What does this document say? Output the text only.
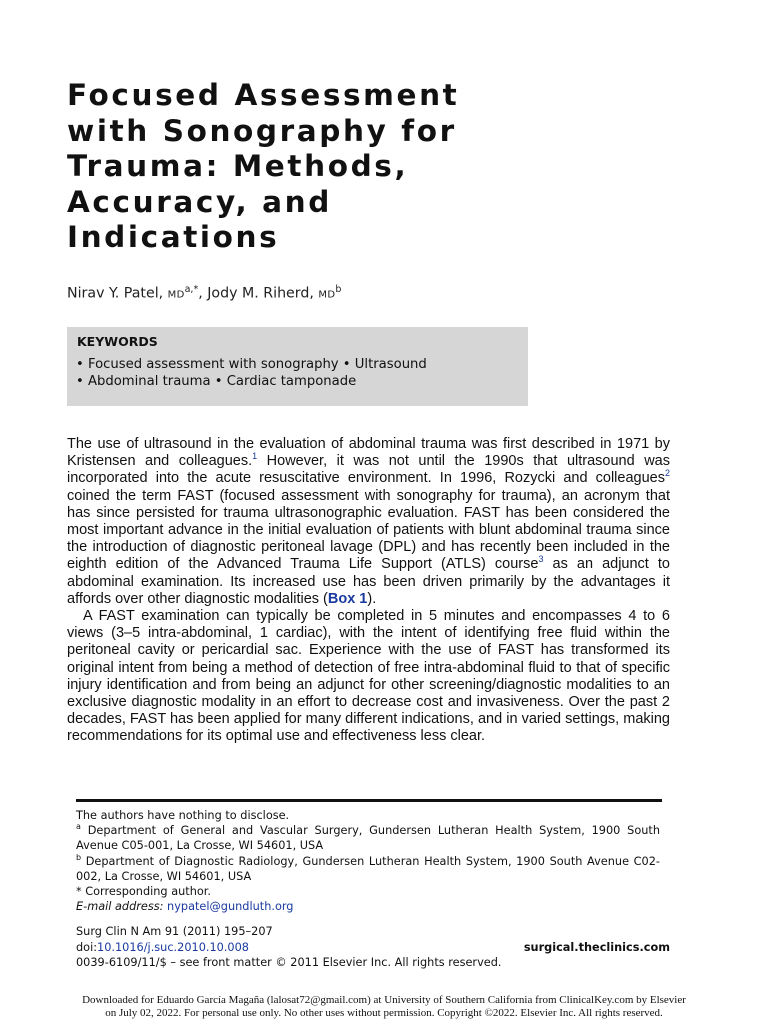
Focused Assessment
with Sonography for
Trauma: Methods,
Accuracy, and
Indications
Nirav Y. Patel, $MD^{a,*}$, Jody M. Riherd, $MD^b$
KEYWORDS
• Focused assessment with sonography • Ultrasound
• Abdominal trauma • Cardiac tamponade

The use of ultrasound in the evaluation of abdominal trauma was first described in 1971 by Kristensen and colleagues.$^1$ However, it was not until the 1990s that ultrasound was incorporated into the acute resuscitative environment. In 1996, Rozycki and colleagues$^2$ coined the term FAST (focused assessment with sonography for trauma), an acronym that has since persisted for trauma ultrasonographic evaluation. FAST has been considered the most important advance in the initial evaluation of patients with blunt abdominal trauma since the introduction of diagnostic peritoneal lavage (DPL) and has recently been included in the eighth edition of the Advanced Trauma Life Support (ATLS) course$^3$ as an adjunct to abdominal examination. Its increased use has been driven primarily by the advantages it affords over other diagnostic modalities (Box 1).

A FAST examination can typically be completed in 5 minutes and encompasses 4 to 6 views (3–5 intra-abdominal, 1 cardiac), with the intent of identifying free fluid within the peritoneal cavity or pericardial sac. Experience with the use of FAST has transformed its original intent from being a method of detection of free intra-abdominal fluid to that of specific injury identification and from being an adjunct for other screening/diagnostic modalities to an exclusive diagnostic modality in an effort to decrease cost and invasiveness. Over the past 2 decades, FAST has been applied for many different indications, and in varied settings, making recommendations for its optimal use and effectiveness less clear.

The authors have nothing to disclose.
$^a$ Department of General and Vascular Surgery, Gundersen Lutheran Health System, 1900 South Avenue C05-001, La Crosse, WI 54601, USA
$^b$ Department of Diagnostic Radiology, Gundersen Lutheran Health System, 1900 South Avenue C02-002, La Crosse, WI 54601, USA
* Corresponding author.
E-mail address: nypatel@gundluth.org
Surg Clin N Am 91 (2011) 195–207
doi:10.1016/j.suc.2010.10.008	surgical.theclinics.com
0039-6109/11/$ – see front matter © 2011 Elsevier Inc. All rights reserved.
Downloaded for Eduardo García Magaña (lalosat72@gmail.com) at University of Southern California from ClinicalKey.com by Elsevier
on July 02, 2022. For personal use only. No other uses without permission. Copyright ©2022. Elsevier Inc. All rights reserved.
